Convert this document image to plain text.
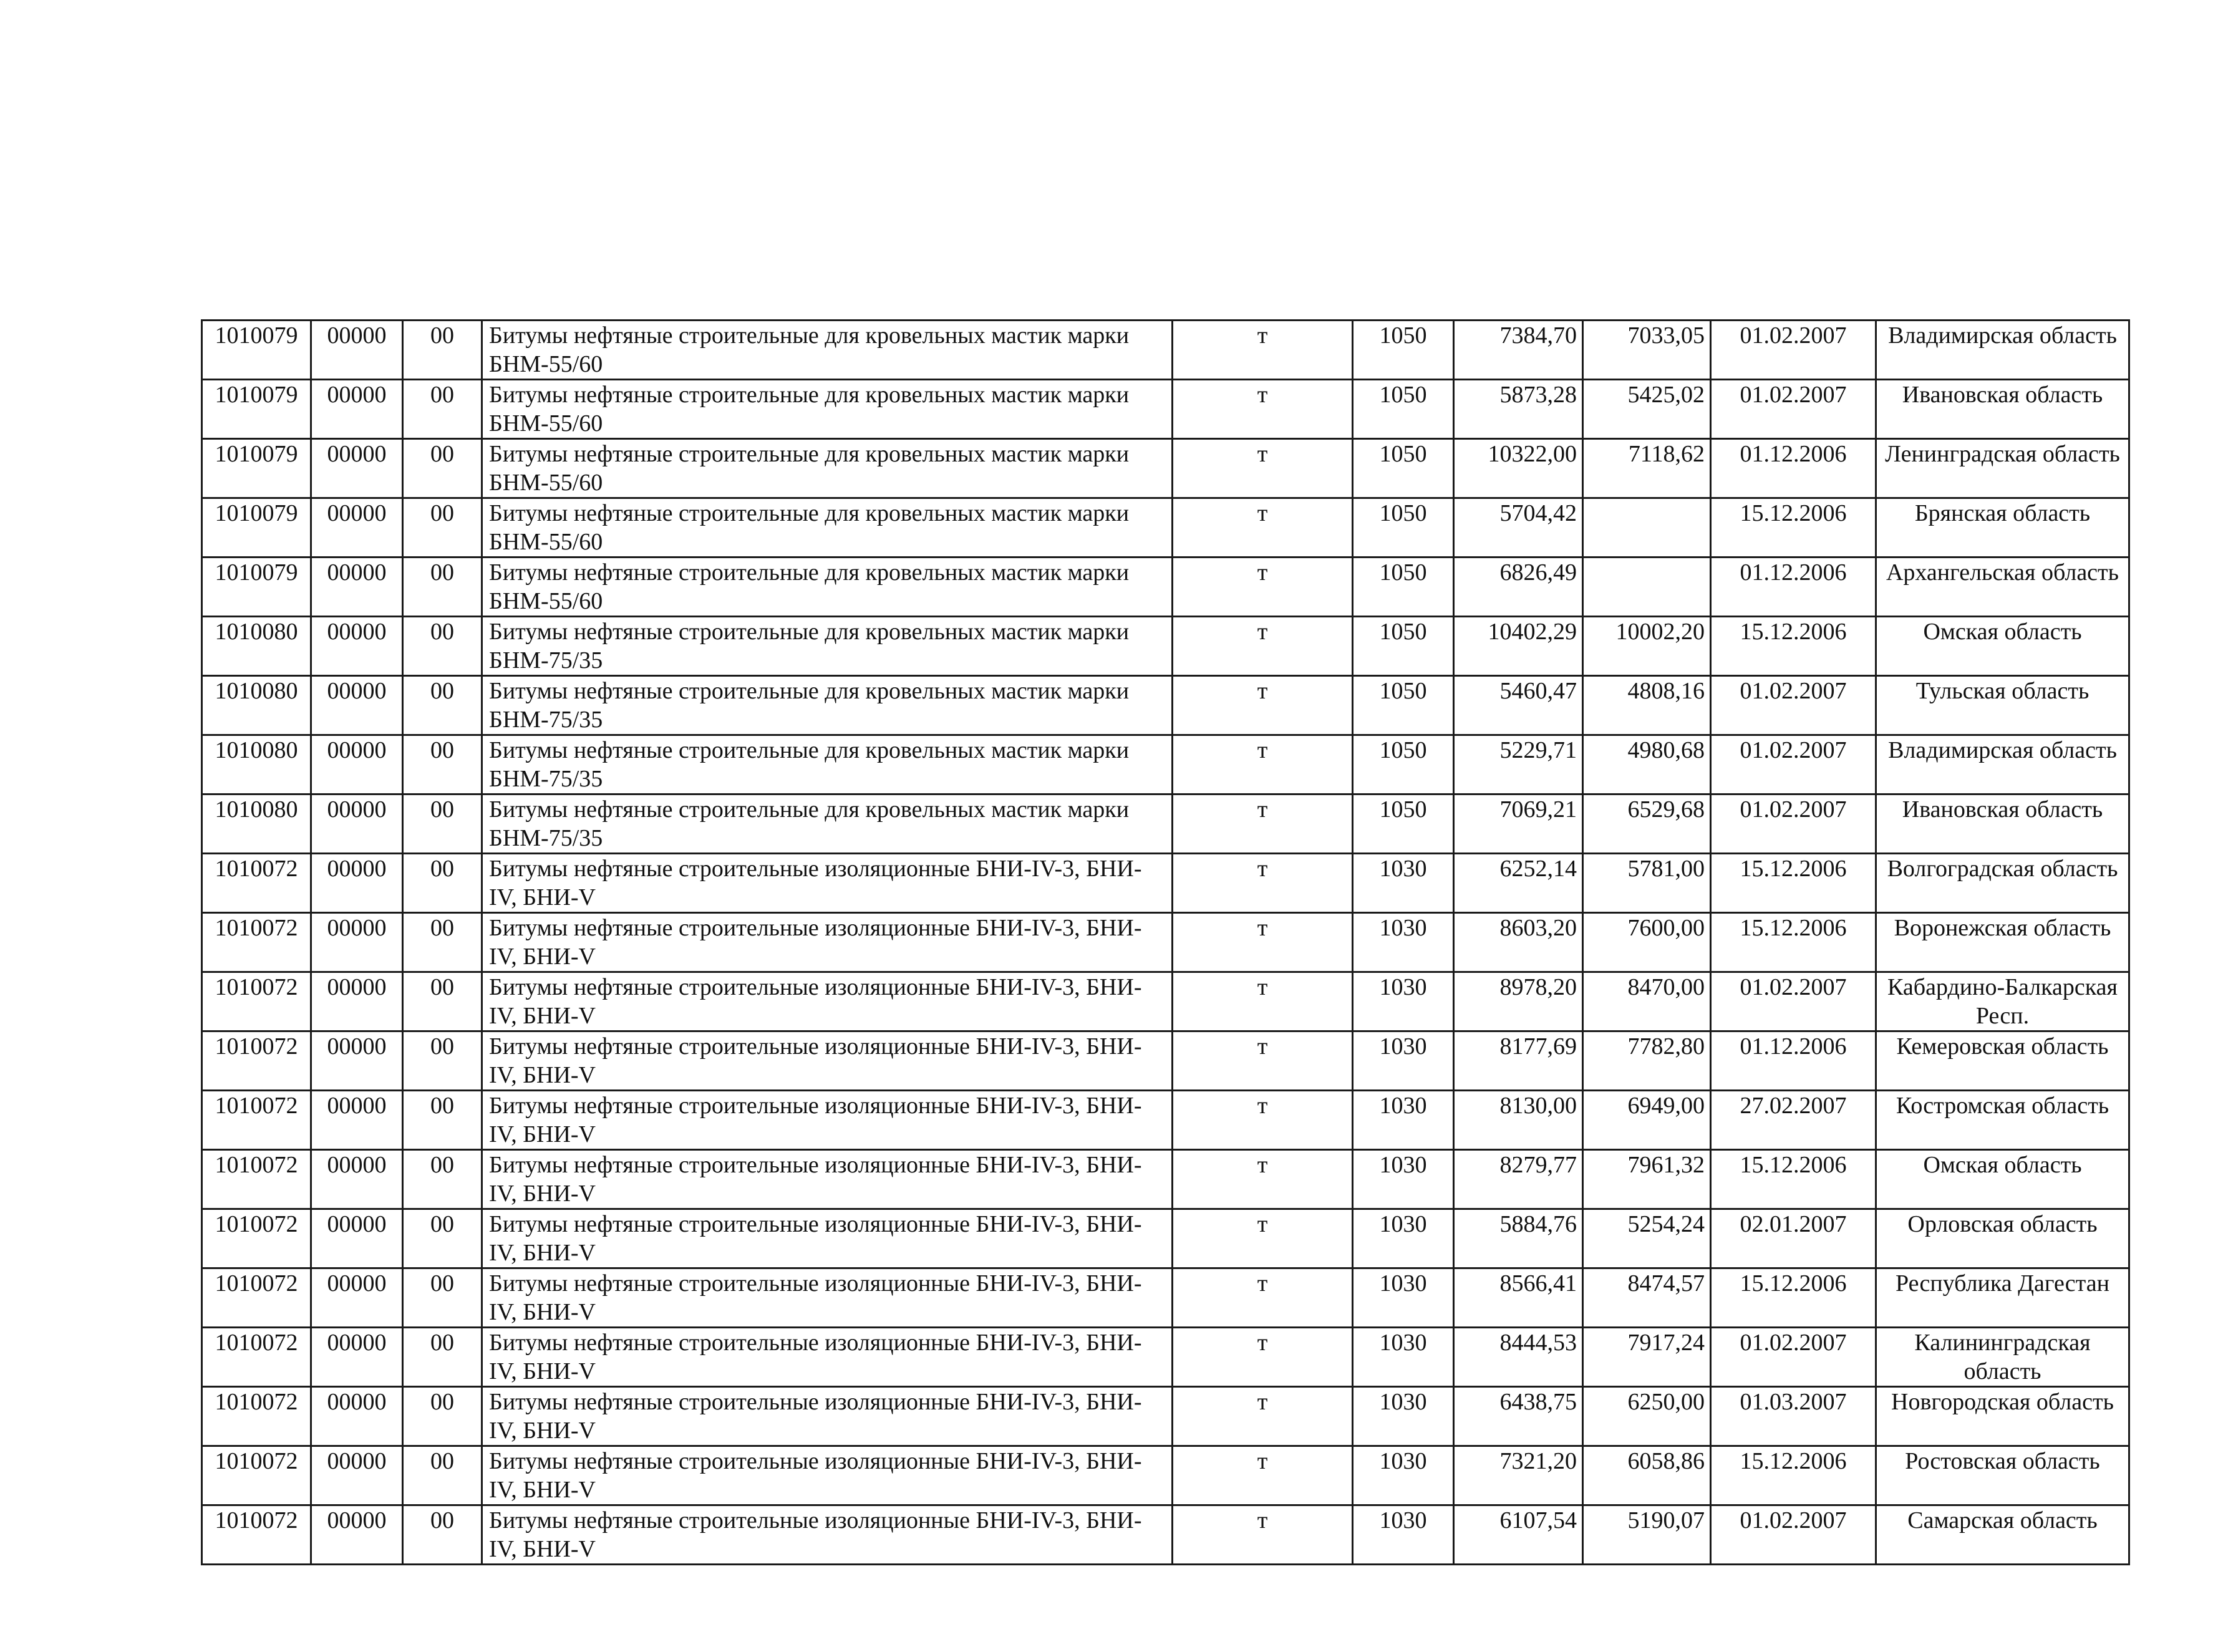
1010079	00000	00	Битумы нефтяные строительные для кровельных мастик марки БНМ-55/60	т	1050	7384,70	7033,05	01.02.2007	Владимирская область
1010079	00000	00	Битумы нефтяные строительные для кровельных мастик марки БНМ-55/60	т	1050	5873,28	5425,02	01.02.2007	Ивановская область
1010079	00000	00	Битумы нефтяные строительные для кровельных мастик марки БНМ-55/60	т	1050	10322,00	7118,62	01.12.2006	Ленинградская область
1010079	00000	00	Битумы нефтяные строительные для кровельных мастик марки БНМ-55/60	т	1050	5704,42		15.12.2006	Брянская область
1010079	00000	00	Битумы нефтяные строительные для кровельных мастик марки БНМ-55/60	т	1050	6826,49		01.12.2006	Архангельская область
1010080	00000	00	Битумы нефтяные строительные для кровельных мастик марки БНМ-75/35	т	1050	10402,29	10002,20	15.12.2006	Омская область
1010080	00000	00	Битумы нефтяные строительные для кровельных мастик марки БНМ-75/35	т	1050	5460,47	4808,16	01.02.2007	Тульская область
1010080	00000	00	Битумы нефтяные строительные для кровельных мастик марки БНМ-75/35	т	1050	5229,71	4980,68	01.02.2007	Владимирская область
1010080	00000	00	Битумы нефтяные строительные для кровельных мастик марки БНМ-75/35	т	1050	7069,21	6529,68	01.02.2007	Ивановская область
1010072	00000	00	Битумы нефтяные строительные изоляционные БНИ-IV-3, БНИ-IV, БНИ-V	т	1030	6252,14	5781,00	15.12.2006	Волгоградская область
1010072	00000	00	Битумы нефтяные строительные изоляционные БНИ-IV-3, БНИ-IV, БНИ-V	т	1030	8603,20	7600,00	15.12.2006	Воронежская область
1010072	00000	00	Битумы нефтяные строительные изоляционные БНИ-IV-3, БНИ-IV, БНИ-V	т	1030	8978,20	8470,00	01.02.2007	Кабардино-Балкарская Респ.
1010072	00000	00	Битумы нефтяные строительные изоляционные БНИ-IV-3, БНИ-IV, БНИ-V	т	1030	8177,69	7782,80	01.12.2006	Кемеровская область
1010072	00000	00	Битумы нефтяные строительные изоляционные БНИ-IV-3, БНИ-IV, БНИ-V	т	1030	8130,00	6949,00	27.02.2007	Костромская область
1010072	00000	00	Битумы нефтяные строительные изоляционные БНИ-IV-3, БНИ-IV, БНИ-V	т	1030	8279,77	7961,32	15.12.2006	Омская область
1010072	00000	00	Битумы нефтяные строительные изоляционные БНИ-IV-3, БНИ-IV, БНИ-V	т	1030	5884,76	5254,24	02.01.2007	Орловская область
1010072	00000	00	Битумы нефтяные строительные изоляционные БНИ-IV-3, БНИ-IV, БНИ-V	т	1030	8566,41	8474,57	15.12.2006	Республика Дагестан
1010072	00000	00	Битумы нефтяные строительные изоляционные БНИ-IV-3, БНИ-IV, БНИ-V	т	1030	8444,53	7917,24	01.02.2007	Калининградская область
1010072	00000	00	Битумы нефтяные строительные изоляционные БНИ-IV-3, БНИ-IV, БНИ-V	т	1030	6438,75	6250,00	01.03.2007	Новгородская область
1010072	00000	00	Битумы нефтяные строительные изоляционные БНИ-IV-3, БНИ-IV, БНИ-V	т	1030	7321,20	6058,86	15.12.2006	Ростовская область
1010072	00000	00	Битумы нефтяные строительные изоляционные БНИ-IV-3, БНИ-IV, БНИ-V	т	1030	6107,54	5190,07	01.02.2007	Самарская область
